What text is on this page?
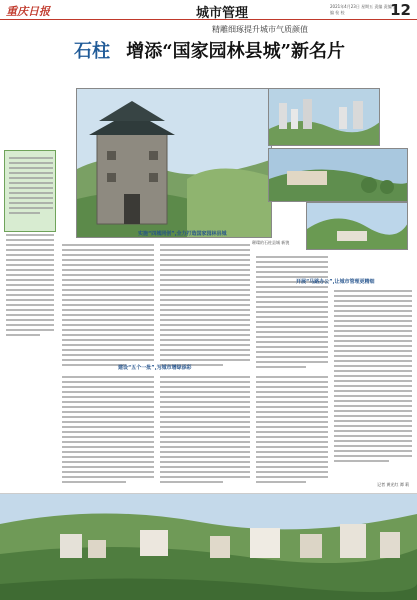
重庆日报	城市管理	2021年4月23日 星期五 责编 责编 美编 检 校	12
精雕细琢提升城市气质颜值
石柱 增添“国家园林县城”新名片
璀璨的石柱县城 新貌
实施“四城同创”,全力打造国家园林县城
开展“马路办公”,让城市管理更精细
建设“五个一批”,为城市增绿添彩
记者 黄光红 谭 莉
